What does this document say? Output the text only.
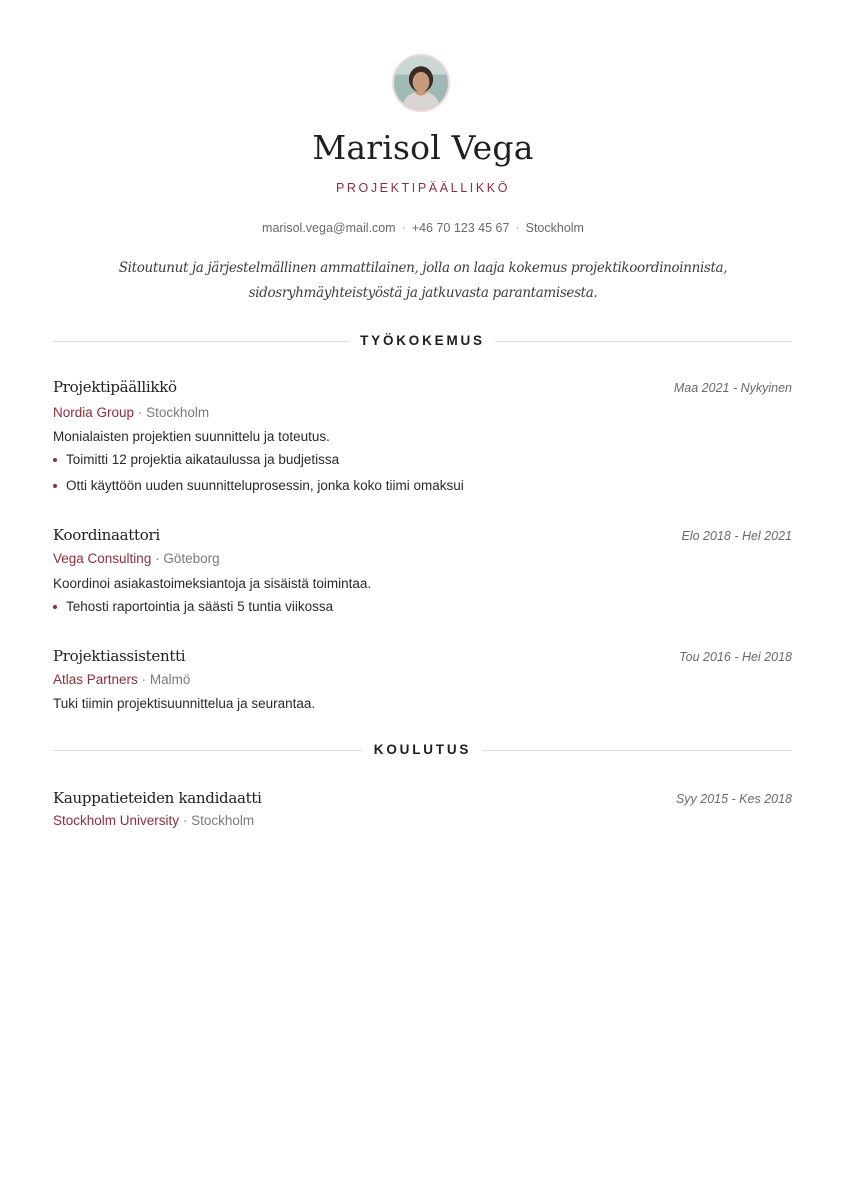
Marisol Vega
PROJEKTIPÄÄLLIKKÖ
marisol.vega@mail.com · +46 70 123 45 67 · Stockholm
Sitoutunut ja järjestelmällinen ammattilainen, jolla on laaja kokemus projektikoordinoinnista, sidosryhmäyhteistyöstä ja jatkuvasta parantamisesta.
TYÖKOKEMUS
Projektipäällikkö	Maa 2021 - Nykyinen
Nordia Group · Stockholm
Monialaisten projektien suunnittelu ja toteutus.
Toimitti 12 projektia aikataulussa ja budjetissa
Otti käyttöön uuden suunnitteluprosessin, jonka koko tiimi omaksui
Koordinaattori	Elo 2018 - Hel 2021
Vega Consulting · Göteborg
Koordinoi asiakastoimeksiantoja ja sisäistä toimintaa.
Tehosti raportointia ja säästi 5 tuntia viikossa
Projektiassistentti	Tou 2016 - Hei 2018
Atlas Partners · Malmö
Tuki tiimin projektisuunnittelua ja seurantaa.
KOULUTUS
Kauppatieteiden kandidaatti	Syy 2015 - Kes 2018
Stockholm University · Stockholm
